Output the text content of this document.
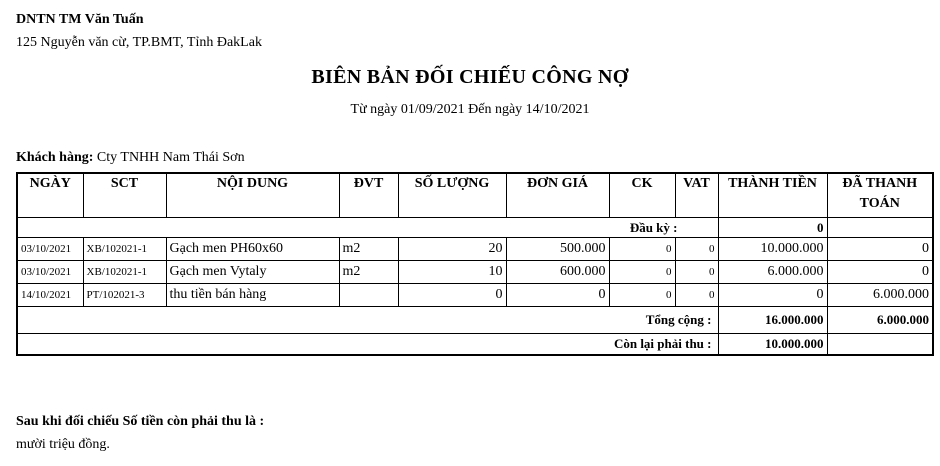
DNTN TM Văn Tuấn
125 Nguyễn văn cừ, TP.BMT, Tỉnh ĐakLak
BIÊN BẢN ĐỐI CHIẾU CÔNG NỢ
Từ ngày 01/09/2021 Đến ngày 14/10/2021
Khách hàng: Cty TNHH Nam Thái Sơn
NGÀY	SCT	NỘI DUNG	ĐVT	SỐ LƯỢNG	ĐƠN GIÁ	CK	VAT	THÀNH TIỀN	ĐÃ THANH TOÁN
Đầu kỳ :								0	
03/10/2021	XB/102021-1	Gạch men PH60x60	m2	20	500.000	0	0	10.000.000	0
03/10/2021	XB/102021-1	Gạch men Vytaly	m2	10	600.000	0	0	6.000.000	0
14/10/2021	PT/102021-3	thu tiền bán hàng		0	0	0	0	0	6.000.000
Tổng cộng :								16.000.000	6.000.000
Còn lại phải thu :								10.000.000	
Sau khi đối chiếu Số tiền còn phải thu là :
mười triệu đồng.
